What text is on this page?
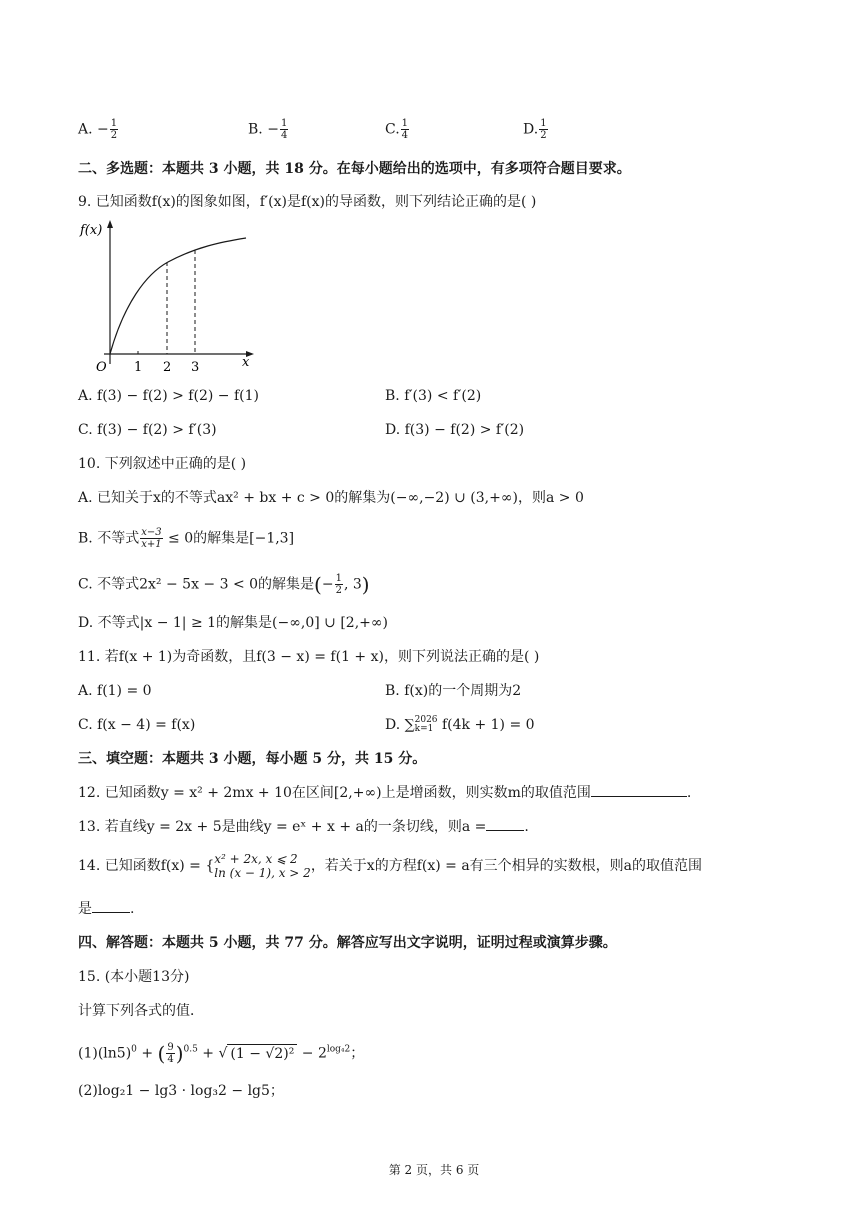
A. − $\frac{1}{2}$	B. − $\frac{1}{4}$	C. $\frac{1}{4}$	D. $\frac{1}{2}$
二、多选题：本题共 3 小题，共 18 分。在每小题给出的选项中，有多项符合题目要求。
9. 已知函数f(x)的图象如图，f′(x)是f(x)的导函数，则下列结论正确的是( )
f(x)
x
O 1 2 3
A. f(3) − f(2) > f(2) − f(1)	B. f′(3) < f′(2)
C. f(3) − f(2) > f′(3)	D. f(3) − f(2) > f′(2)
10. 下列叙述中正确的是( )
A. 已知关于x的不等式ax² + bx + c > 0的解集为(−∞,−2) ∪ (3,+∞)，则a > 0
B. 不等式 $\frac{x-3}{x+1} \le 0$的解集是[−1,3]
C. 不等式2x² − 5x − 3 < 0的解集是(− $\frac{1}{2}$ , 3)
D. 不等式|x − 1| ≥ 1的解集是(−∞,0] ∪ [2,+∞)
11. 若f(x + 1)为奇函数，且f(3 − x) = f(1 + x)，则下列说法正确的是( )
A. f(1) = 0	B. f(x)的一个周期为2
C. f(x − 4) = f(x)	D. ∑ 2026
k=1 f(4k + 1) = 0
三、填空题：本题共 3 小题，每小题 5 分，共 15 分。
12. 已知函数y = x² + 2mx + 10在区间[2,+∞)上是增函数，则实数m的取值范围	.
13. 若直线y = 2x + 5是曲线y = eˣ + x + a的一条切线，则a =	.
14. 已知函数f(x) = { x² + 2x, x ⩽ 2
ln (x − 1), x > 2 ，若关于x的方程f(x) = a有三个相异的实数根，则a的取值范围
是	.
四、解答题：本题共 5 小题，共 77 分。解答应写出文字说明，证明过程或演算步骤。
15. (本小题13分)
计算下列各式的值．
$(1)(\ln 5)^0$ + ( $\frac{9}{4} )^{0.5}$ + √ $(1 - √2)^2 - 2^{log_42}$；
(2)log₂1 − lg3 · log₃2 − lg5；
第 2 页，共 6 页
